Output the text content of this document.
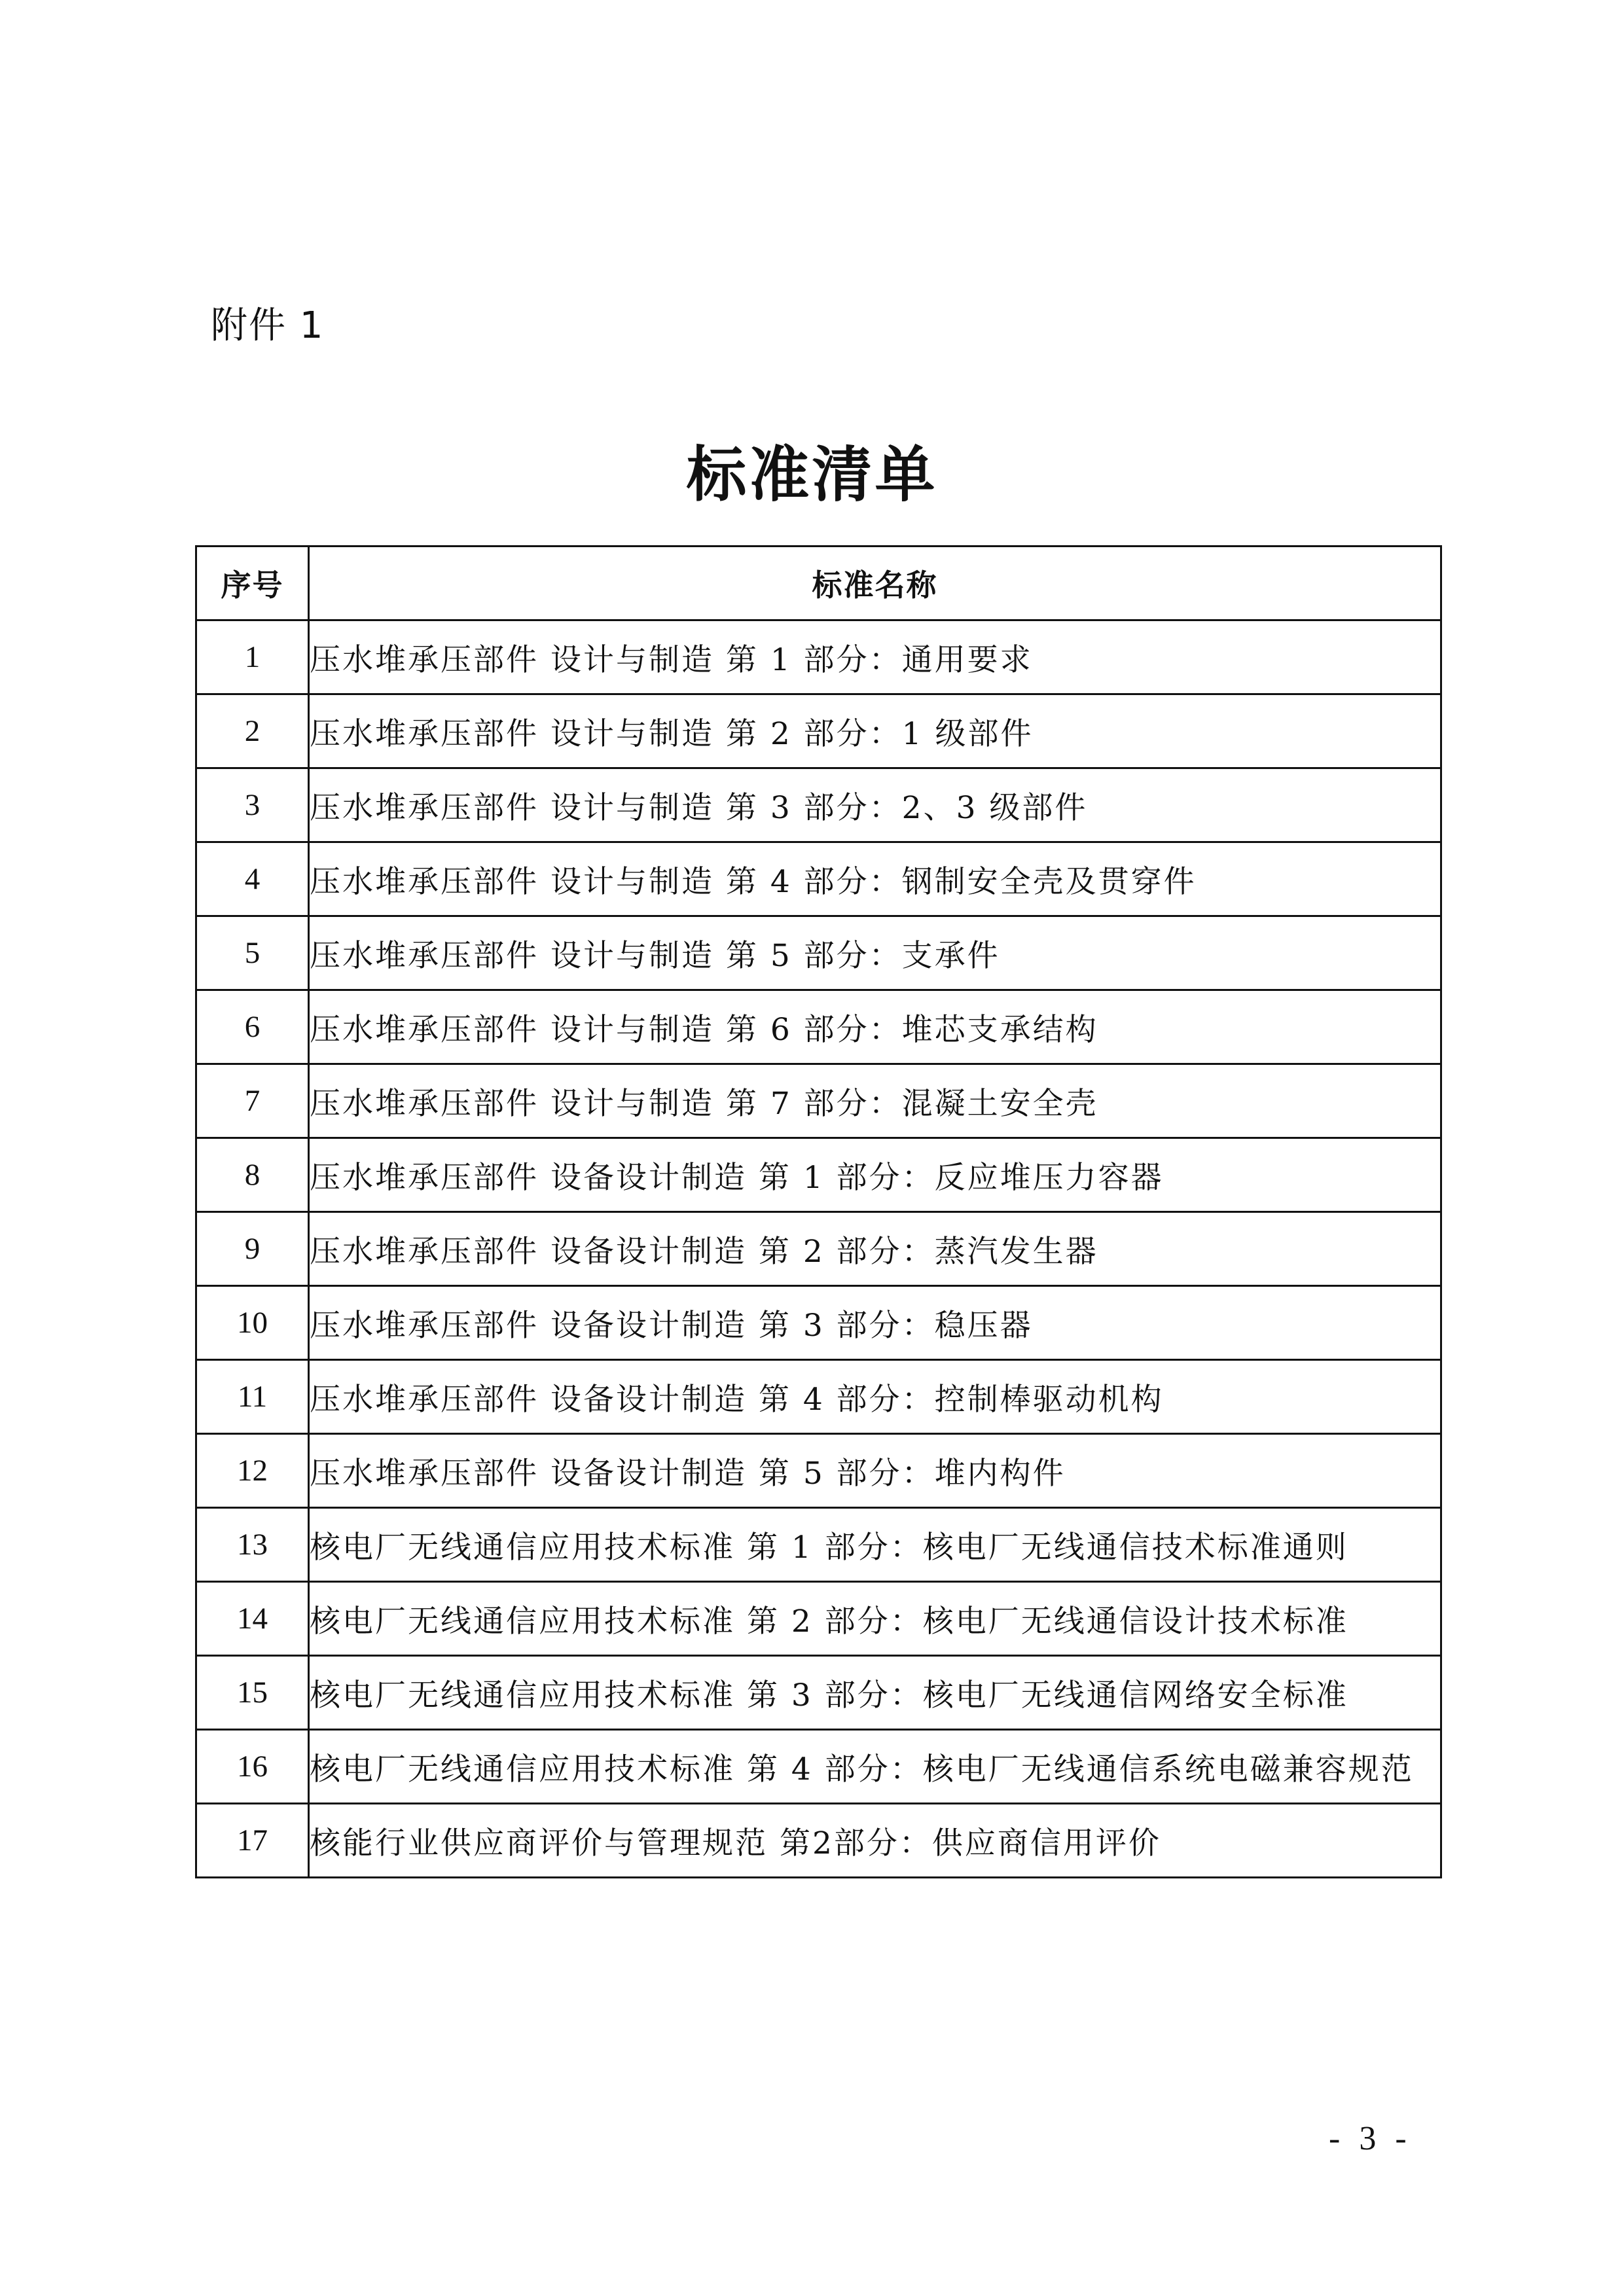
附件 1
标准清单
序号	标准名称
1	压水堆承压部件 设计与制造 第 1 部分：通用要求
2	压水堆承压部件 设计与制造 第 2 部分：1 级部件
3	压水堆承压部件 设计与制造 第 3 部分：2、3 级部件
4	压水堆承压部件 设计与制造 第 4 部分：钢制安全壳及贯穿件
5	压水堆承压部件 设计与制造 第 5 部分：支承件
6	压水堆承压部件 设计与制造 第 6 部分：堆芯支承结构
7	压水堆承压部件 设计与制造 第 7 部分：混凝土安全壳
8	压水堆承压部件 设备设计制造 第 1 部分：反应堆压力容器
9	压水堆承压部件 设备设计制造 第 2 部分：蒸汽发生器
10	压水堆承压部件 设备设计制造 第 3 部分：稳压器
11	压水堆承压部件 设备设计制造 第 4 部分：控制棒驱动机构
12	压水堆承压部件 设备设计制造 第 5 部分：堆内构件
13	核电厂无线通信应用技术标准 第 1 部分：核电厂无线通信技术标准通则
14	核电厂无线通信应用技术标准 第 2 部分：核电厂无线通信设计技术标准
15	核电厂无线通信应用技术标准 第 3 部分：核电厂无线通信网络安全标准
16	核电厂无线通信应用技术标准 第 4 部分：核电厂无线通信系统电磁兼容规范
17	核能行业供应商评价与管理规范 第2部分：供应商信用评价
- 3 -
